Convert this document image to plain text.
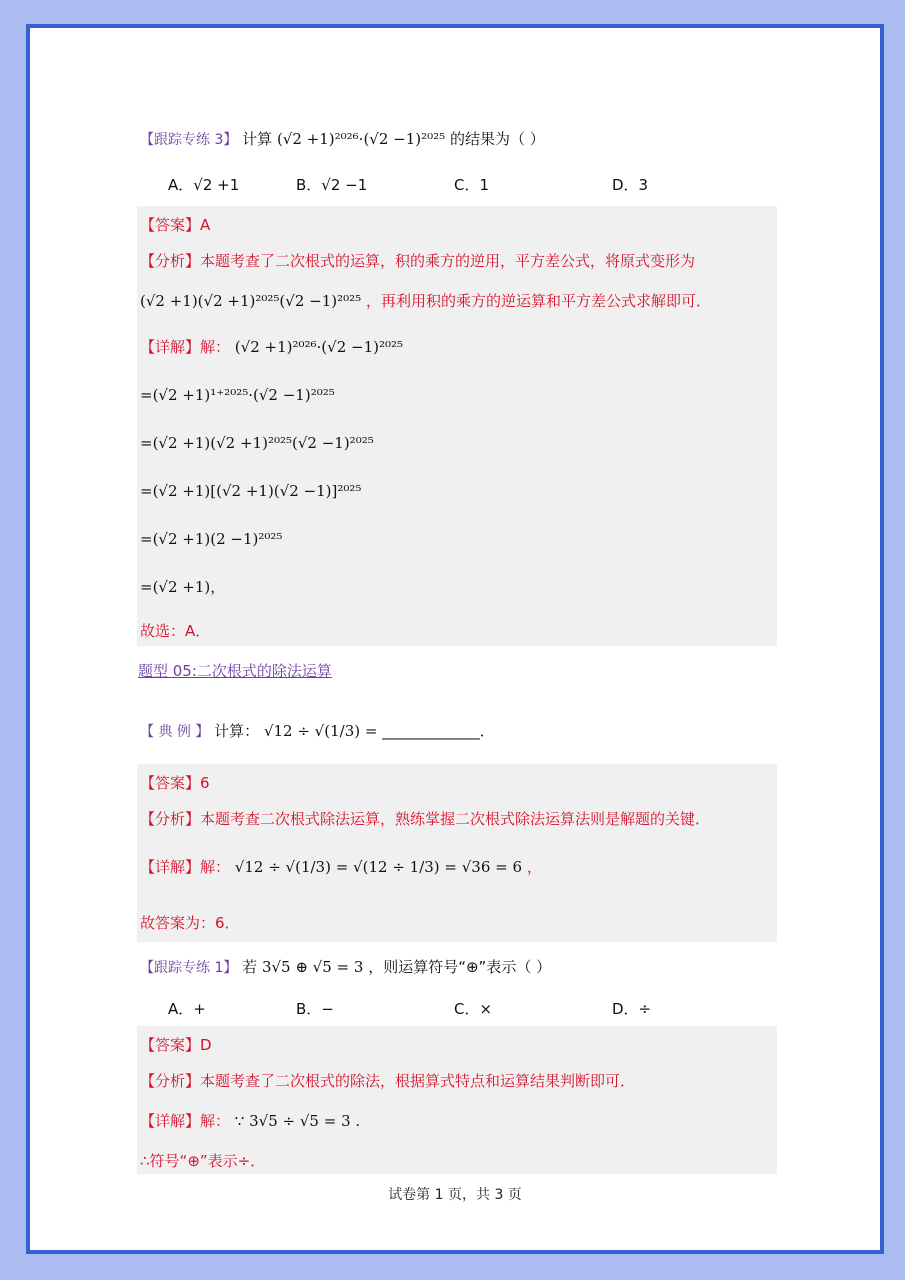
【跟踪专练 3】 计算 (√2 +1)²⁰²⁶·(√2 −1)²⁰²⁵ 的结果为（ ）
A．√2 +1	B．√2 −1	C．1	D．3
【答案】A
【分析】本题考查了二次根式的运算，积的乘方的逆用，平方差公式，将原式变形为
(√2 +1)(√2 +1)²⁰²⁵(√2 −1)²⁰²⁵ ，再利用积的乘方的逆运算和平方差公式求解即可．
【详解】解： (√2 +1)²⁰²⁶·(√2 −1)²⁰²⁵
=(√2 +1)¹⁺²⁰²⁵·(√2 −1)²⁰²⁵
=(√2 +1)(√2 +1)²⁰²⁵(√2 −1)²⁰²⁵
=(√2 +1)[(√2 +1)(√2 −1)]²⁰²⁵
=(√2 +1)(2 −1)²⁰²⁵
=(√2 +1)，
故选：A．
题型 05:二次根式的除法运算
【 典 例 】 计算： √12 ÷ √(1/3) = _____________．
【答案】6
【分析】本题考查二次根式除法运算，熟练掌握二次根式除法运算法则是解题的关键．
【详解】解： √12 ÷ √(1/3) = √(12 ÷ 1/3) = √36 = 6 ，
故答案为：6．
【跟踪专练 1】 若 3√5 ⊕ √5 = 3 ，则运算符号“⊕”表示（ ）
A．+	B．−	C．×	D．÷
【答案】D
【分析】本题考查了二次根式的除法，根据算式特点和运算结果判断即可．
【详解】解： ∵ 3√5 ÷ √5 = 3 .
∴符号“⊕”表示÷．
试卷第 1 页，共 3 页
